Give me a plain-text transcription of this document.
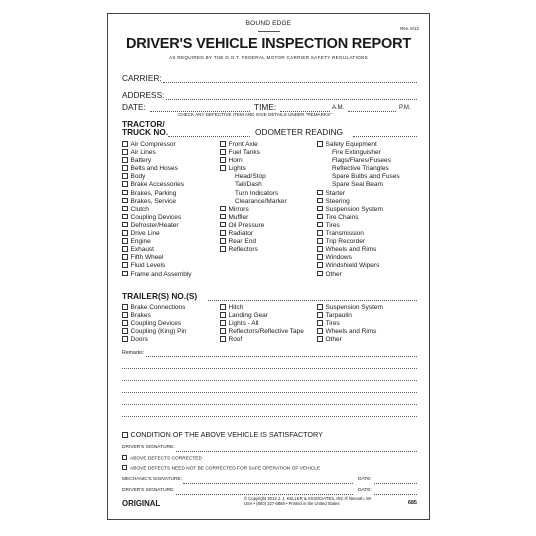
BOUND EDGE
Rev. 6/12
DRIVER'S VEHICLE INSPECTION REPORT
AS REQUIRED BY THE D.O.T. FEDERAL MOTOR CARRIER SAFETY REGULATIONS
CARRIER:
ADDRESS:
DATE:	TIME:	A.M.	P.M.
CHECK ANY DEFECTIVE ITEM AND GIVE DETAILS UNDER "REMARKS"
TRACTOR/
TRUCK NO.	ODOMETER READING
Air Compressor
Air Lines
Battery
Belts and Hoses
Body
Brake Accessories
Brakes, Parking
Brakes, Service
Clutch
Coupling Devices
Defroster/Heater
Drive Line
Engine
Exhaust
Fifth Wheel
Fluid Levels
Frame and Assembly
Front Axle
Fuel Tanks
Horn
Lights
Head/Stop
Tail/Dash
Turn Indicators
Clearance/Marker
Mirrors
Muffler
Oil Pressure
Radiator
Rear End
Reflectors
Safety Equipment
Fire Extinguisher
Flags/Flares/Fusees
Reflective Triangles
Spare Bulbs and Fuses
Spare Seal Beam
Starter
Steering
Suspension System
Tire Chains
Tires
Transmission
Trip Recorder
Wheels and Rims
Windows
Windshield Wipers
Other
TRAILER(S) NO.(S)
Brake Connections
Brakes
Coupling Devices
Coupling (King) Pin
Doors
Hitch
Landing Gear
Lights - All
Reflectors/Reflective Tape
Roof
Suspension System
Tarpaulin
Tires
Wheels and Rims
Other
Remarks:
CONDITION OF THE ABOVE VEHICLE IS SATISFACTORY
DRIVER'S SIGNATURE:
ABOVE DEFECTS CORRECTED
ABOVE DEFECTS NEED NOT BE CORRECTED FOR SAFE OPERATION OF VEHICLE
MECHANIC'S SIGNATURE:	DATE:
DRIVER'S SIGNATURE:	DATE:
ORIGINAL
© Copyright 2012 J. J. KELLER & ASSOCIATES, INC.® Neenah, WI
USA • (800) 327-6868 • Printed in the United States	685
